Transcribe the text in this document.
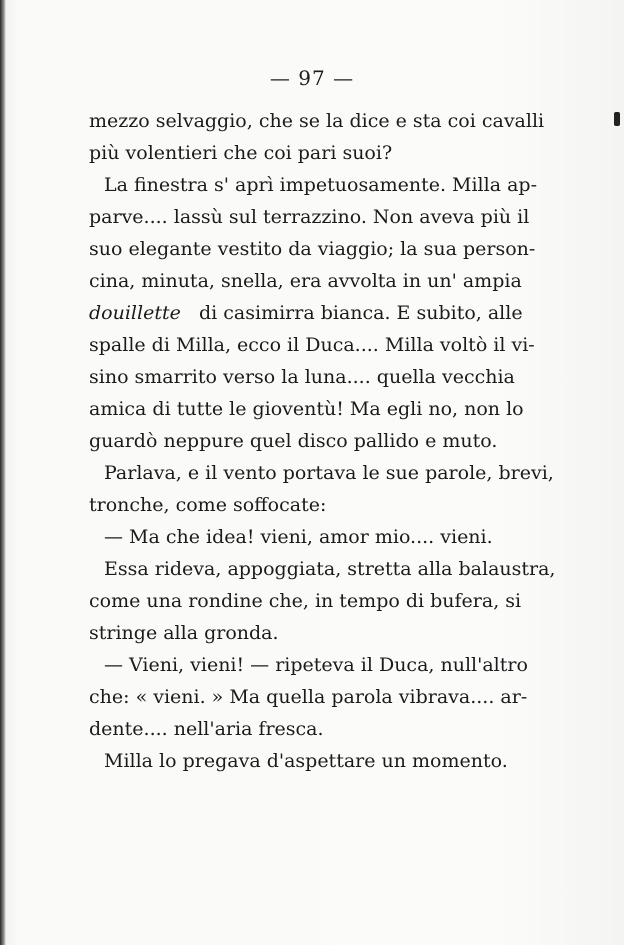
— 97 —
mezzo selvaggio, che se la dice e sta coi cavalli
più volentieri che coi pari suoi?
La finestra s' aprì impetuosamente. Milla ap-
parve.... lassù sul terrazzino. Non aveva più il
suo elegante vestito da viaggio; la sua person-
cina, minuta, snella, era avvolta in un' ampia
douillette di casimirra bianca. E subito, alle
spalle di Milla, ecco il Duca.... Milla voltò il vi-
sino smarrito verso la luna.... quella vecchia
amica di tutte le gioventù! Ma egli no, non lo
guardò neppure quel disco pallido e muto.
Parlava, e il vento portava le sue parole, brevi,
tronche, come soffocate:
— Ma che idea! vieni, amor mio.... vieni.
Essa rideva, appoggiata, stretta alla balaustra,
come una rondine che, in tempo di bufera, si
stringe alla gronda.
— Vieni, vieni! — ripeteva il Duca, null'altro
che: « vieni. » Ma quella parola vibrava.... ar-
dente.... nell'aria fresca.
Milla lo pregava d'aspettare un momento.
